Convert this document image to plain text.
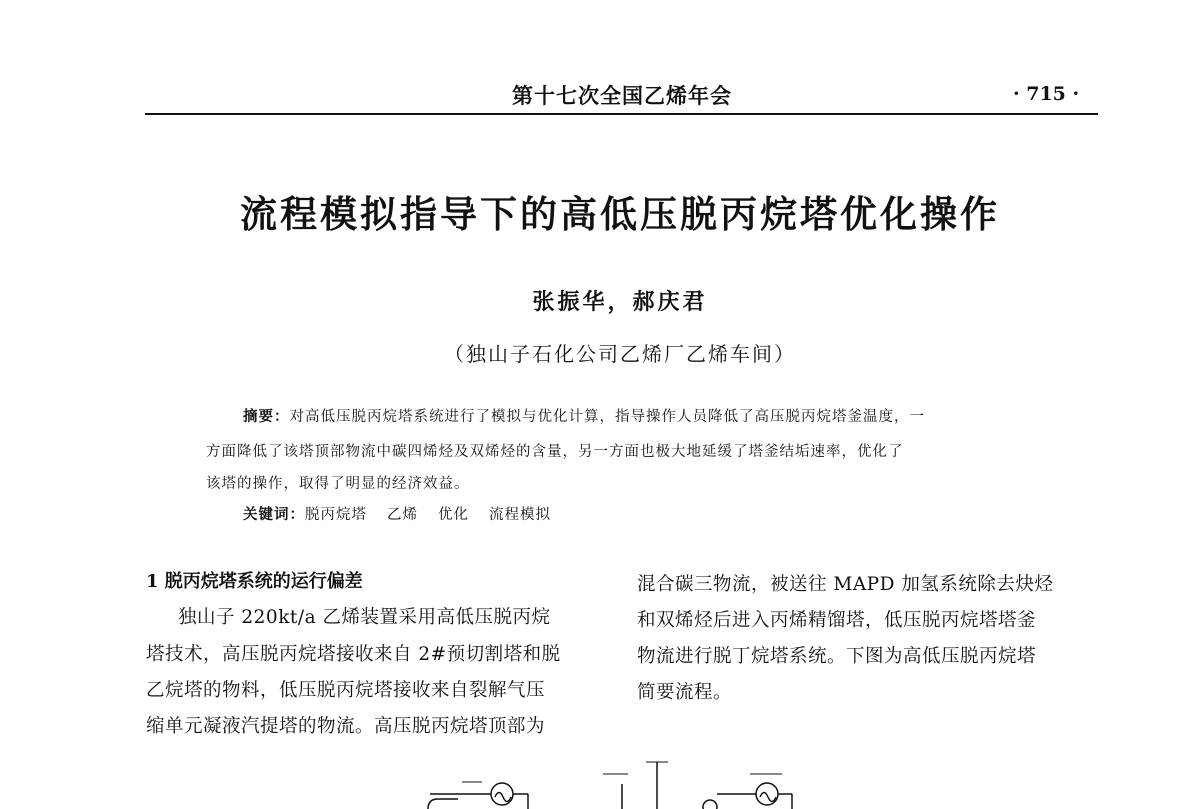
第十七次全国乙烯年会	· 715 ·
流程模拟指导下的高低压脱丙烷塔优化操作
张振华，郝庆君
（独山子石化公司乙烯厂乙烯车间）
摘要：对高低压脱丙烷塔系统进行了模拟与优化计算，指导操作人员降低了高压脱丙烷塔釜温度，一
方面降低了该塔顶部物流中碳四烯烃及双烯烃的含量，另一方面也极大地延缓了塔釜结垢速率，优化了
该塔的操作，取得了明显的经济效益。
关键词：脱丙烷塔 乙烯 优化 流程模拟
1 脱丙烷塔系统的运行偏差
独山子 220kt/a 乙烯装置采用高低压脱丙烷
塔技术，高压脱丙烷塔接收来自 2#预切割塔和脱
乙烷塔的物料，低压脱丙烷塔接收来自裂解气压
缩单元凝液汽提塔的物流。高压脱丙烷塔顶部为
混合碳三物流，被送往 MAPD 加氢系统除去炔烃
和双烯烃后进入丙烯精馏塔，低压脱丙烷塔塔釜
物流进行脱丁烷塔系统。下图为高低压脱丙烷塔
简要流程。
